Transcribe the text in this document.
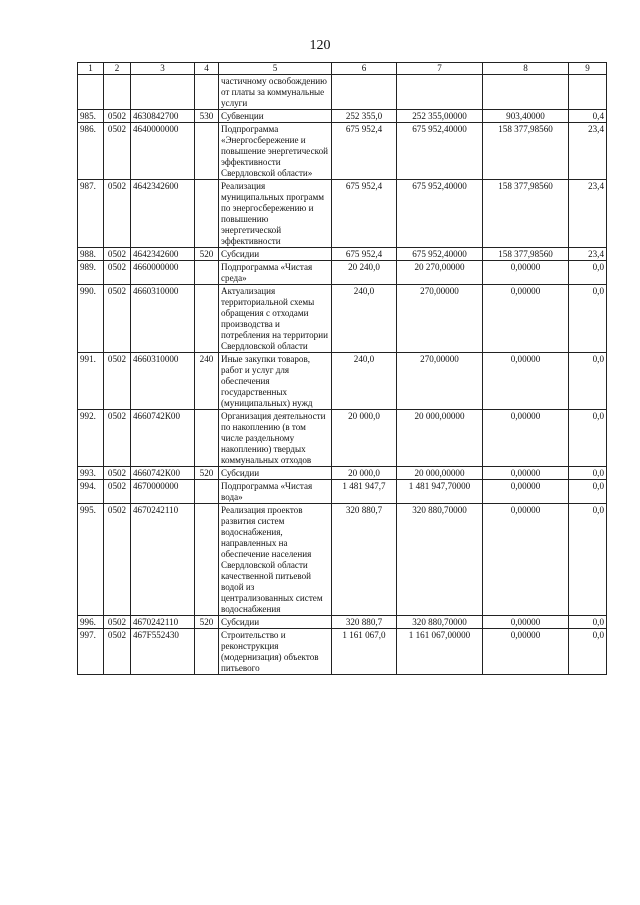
120
1	2	3	4	5	6	7	8	9
				частичному освобождению от платы за коммунальные услуги				
985.	0502	4630842700	530	Субвенции	252 355,0	252 355,00000	903,40000	0,4
986.	0502	4640000000		Подпрограмма «Энергосбережение и повышение энергетической эффективности Свердловской области»	675 952,4	675 952,40000	158 377,98560	23,4
987.	0502	4642342600		Реализация муниципальных программ по энергосбережению и повышению энергетической эффективности	675 952,4	675 952,40000	158 377,98560	23,4
988.	0502	4642342600	520	Субсидии	675 952,4	675 952,40000	158 377,98560	23,4
989.	0502	4660000000		Подпрограмма «Чистая среда»	20 240,0	20 270,00000	0,00000	0,0
990.	0502	4660310000		Актуализация территориальной схемы обращения с отходами производства и потребления на территории Свердловской области	240,0	270,00000	0,00000	0,0
991.	0502	4660310000	240	Иные закупки товаров, работ и услуг для обеспечения государственных (муниципальных) нужд	240,0	270,00000	0,00000	0,0
992.	0502	4660742К00		Организация деятельности по накоплению (в том числе раздельному накоплению) твердых коммунальных отходов	20 000,0	20 000,00000	0,00000	0,0
993.	0502	4660742К00	520	Субсидии	20 000,0	20 000,00000	0,00000	0,0
994.	0502	4670000000		Подпрограмма «Чистая вода»	1 481 947,7	1 481 947,70000	0,00000	0,0
995.	0502	4670242110		Реализация проектов развития систем водоснабжения, направленных на обеспечение населения Свердловской области качественной питьевой водой из централизованных систем водоснабжения	320 880,7	320 880,70000	0,00000	0,0
996.	0502	4670242110	520	Субсидии	320 880,7	320 880,70000	0,00000	0,0
997.	0502	467F552430		Строительство и реконструкция (модернизация) объектов питьевого	1 161 067,0	1 161 067,00000	0,00000	0,0
